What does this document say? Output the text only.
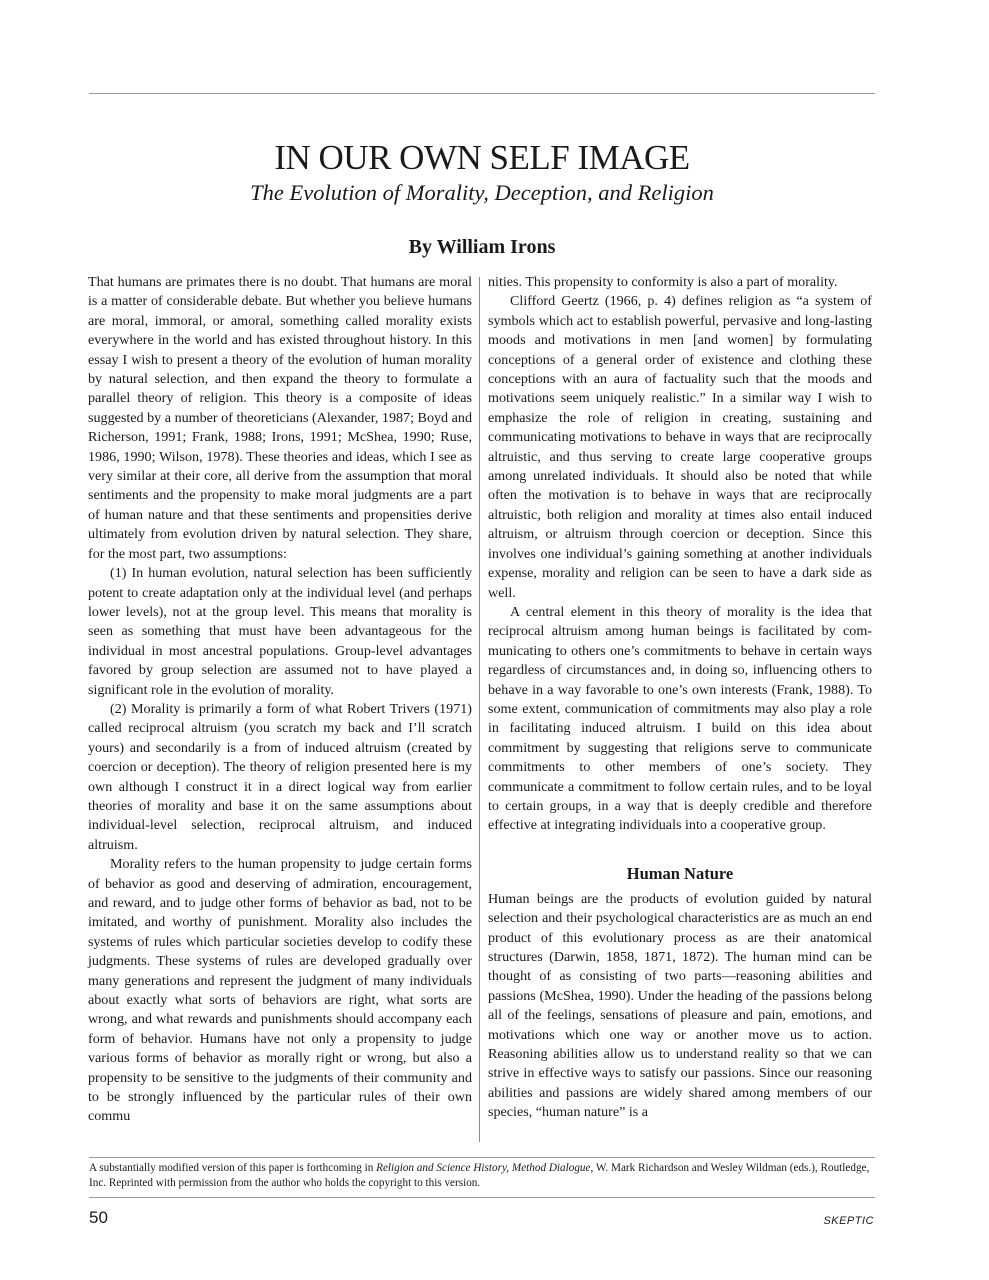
IN OUR OWN SELF IMAGE
The Evolution of Morality, Deception, and Religion
By William Irons

That humans are primates there is no doubt. That humans are moral is a matter of considerable debate. But whether you believe humans are moral, immoral, or amoral, something called morality exists everywhere in the world and has existed throughout history. In this essay I wish to present a theory of the evolution of human morality by natural selection, and then expand the theory to formulate a parallel theory of religion. This theory is a composite of ideas suggested by a number of theoreticians (Alexander, 1987; Boyd and Richerson, 1991; Frank, 1988; Irons, 1991; McShea, 1990; Ruse, 1986, 1990; Wilson, 1978). These theories and ideas, which I see as very similar at their core, all derive from the assumption that moral sentiments and the propensity to make moral judgments are a part of human nature and that these sentiments and propensities derive ultimately from evolution driven by natural selection. They share, for the most part, two assumptions:

(1) In human evolution, natural selection has been sufficiently potent to create adaptation only at the individual level (and perhaps lower levels), not at the group level. This means that morality is seen as something that must have been advantageous for the individual in most ancestral populations. Group-level advantages favored by group selection are assumed not to have played a significant role in the evolution of morality.

(2) Morality is primarily a form of what Robert Trivers (1971) called reciprocal altruism (you scratch my back and I’ll scratch yours) and secondarily is a from of induced altruism (created by coercion or deception). The theory of religion presented here is my own although I construct it in a direct logical way from earlier theories of morality and base it on the same assumptions about individual-level selection, reciprocal altruism, and induced altruism.

Morality refers to the human propensity to judge certain forms of behavior as good and deserving of admiration, encouragement, and reward, and to judge other forms of behavior as bad, not to be imitated, and worthy of punishment. Morality also includes the systems of rules which particular societies develop to codify these judgments. These systems of rules are developed gradually over many generations and represent the judgment of many individuals about exactly what sorts of behaviors are right, what sorts are wrong, and what rewards and punishments should accompany each form of behavior. Humans have not only a propensity to judge various forms of behavior as morally right or wrong, but also a propensity to be sensitive to the judgments of their community and to be strongly influenced by the particular rules of their own commu

nities. This propensity to conformity is also a part of morality.

Clifford Geertz (1966, p. 4) defines religion as “a system of symbols which act to establish powerful, pervasive and long-lasting moods and motivations in men [and women] by formulating conceptions of a general order of existence and clothing these conceptions with an aura of factuality such that the moods and motivations seem uniquely realistic.” In a similar way I wish to emphasize the role of religion in creating, sustaining and communicating motivations to behave in ways that are reciprocally altruistic, and thus serving to create large cooperative groups among unrelated individuals. It should also be noted that while often the motivation is to behave in ways that are reciprocally altruistic, both religion and morality at times also entail induced altruism, or altruism through coercion or deception. Since this involves one individual’s gaining something at another individuals expense, morality and religion can be seen to have a dark side as well.

A central element in this theory of morality is the idea that reciprocal altruism among human beings is facilitated by communicating to others one’s commitments to behave in certain ways regardless of circumstances and, in doing so, influencing others to behave in a way favorable to one’s own interests (Frank, 1988). To some extent, communication of commitments may also play a role in facilitating induced altruism. I build on this idea about commitment by suggesting that religions serve to communicate commitments to other members of one’s society. They communicate a commitment to follow certain rules, and to be loyal to certain groups, in a way that is deeply credible and therefore effective at integrating individuals into a cooperative group.

Human Nature

Human beings are the products of evolution guided by natural selection and their psychological characteristics are as much an end product of this evolutionary process as are their anatomical structures (Darwin, 1858, 1871, 1872). The human mind can be thought of as consisting of two parts—reasoning abilities and passions (McShea, 1990). Under the heading of the passions belong all of the feelings, sensations of pleasure and pain, emotions, and motivations which one way or another move us to action. Reasoning abilities allow us to understand reality so that we can strive in effective ways to satisfy our passions. Since our reasoning abilities and passions are widely shared among members of our species, “human nature” is a

A substantially modified version of this paper is forthcoming in Religion and Science History, Method Dialogue, W. Mark Richardson and Wesley Wildman (eds.), Routledge, Inc. Reprinted with permission from the author who holds the copyright to this version.
50	SKEPTIC
